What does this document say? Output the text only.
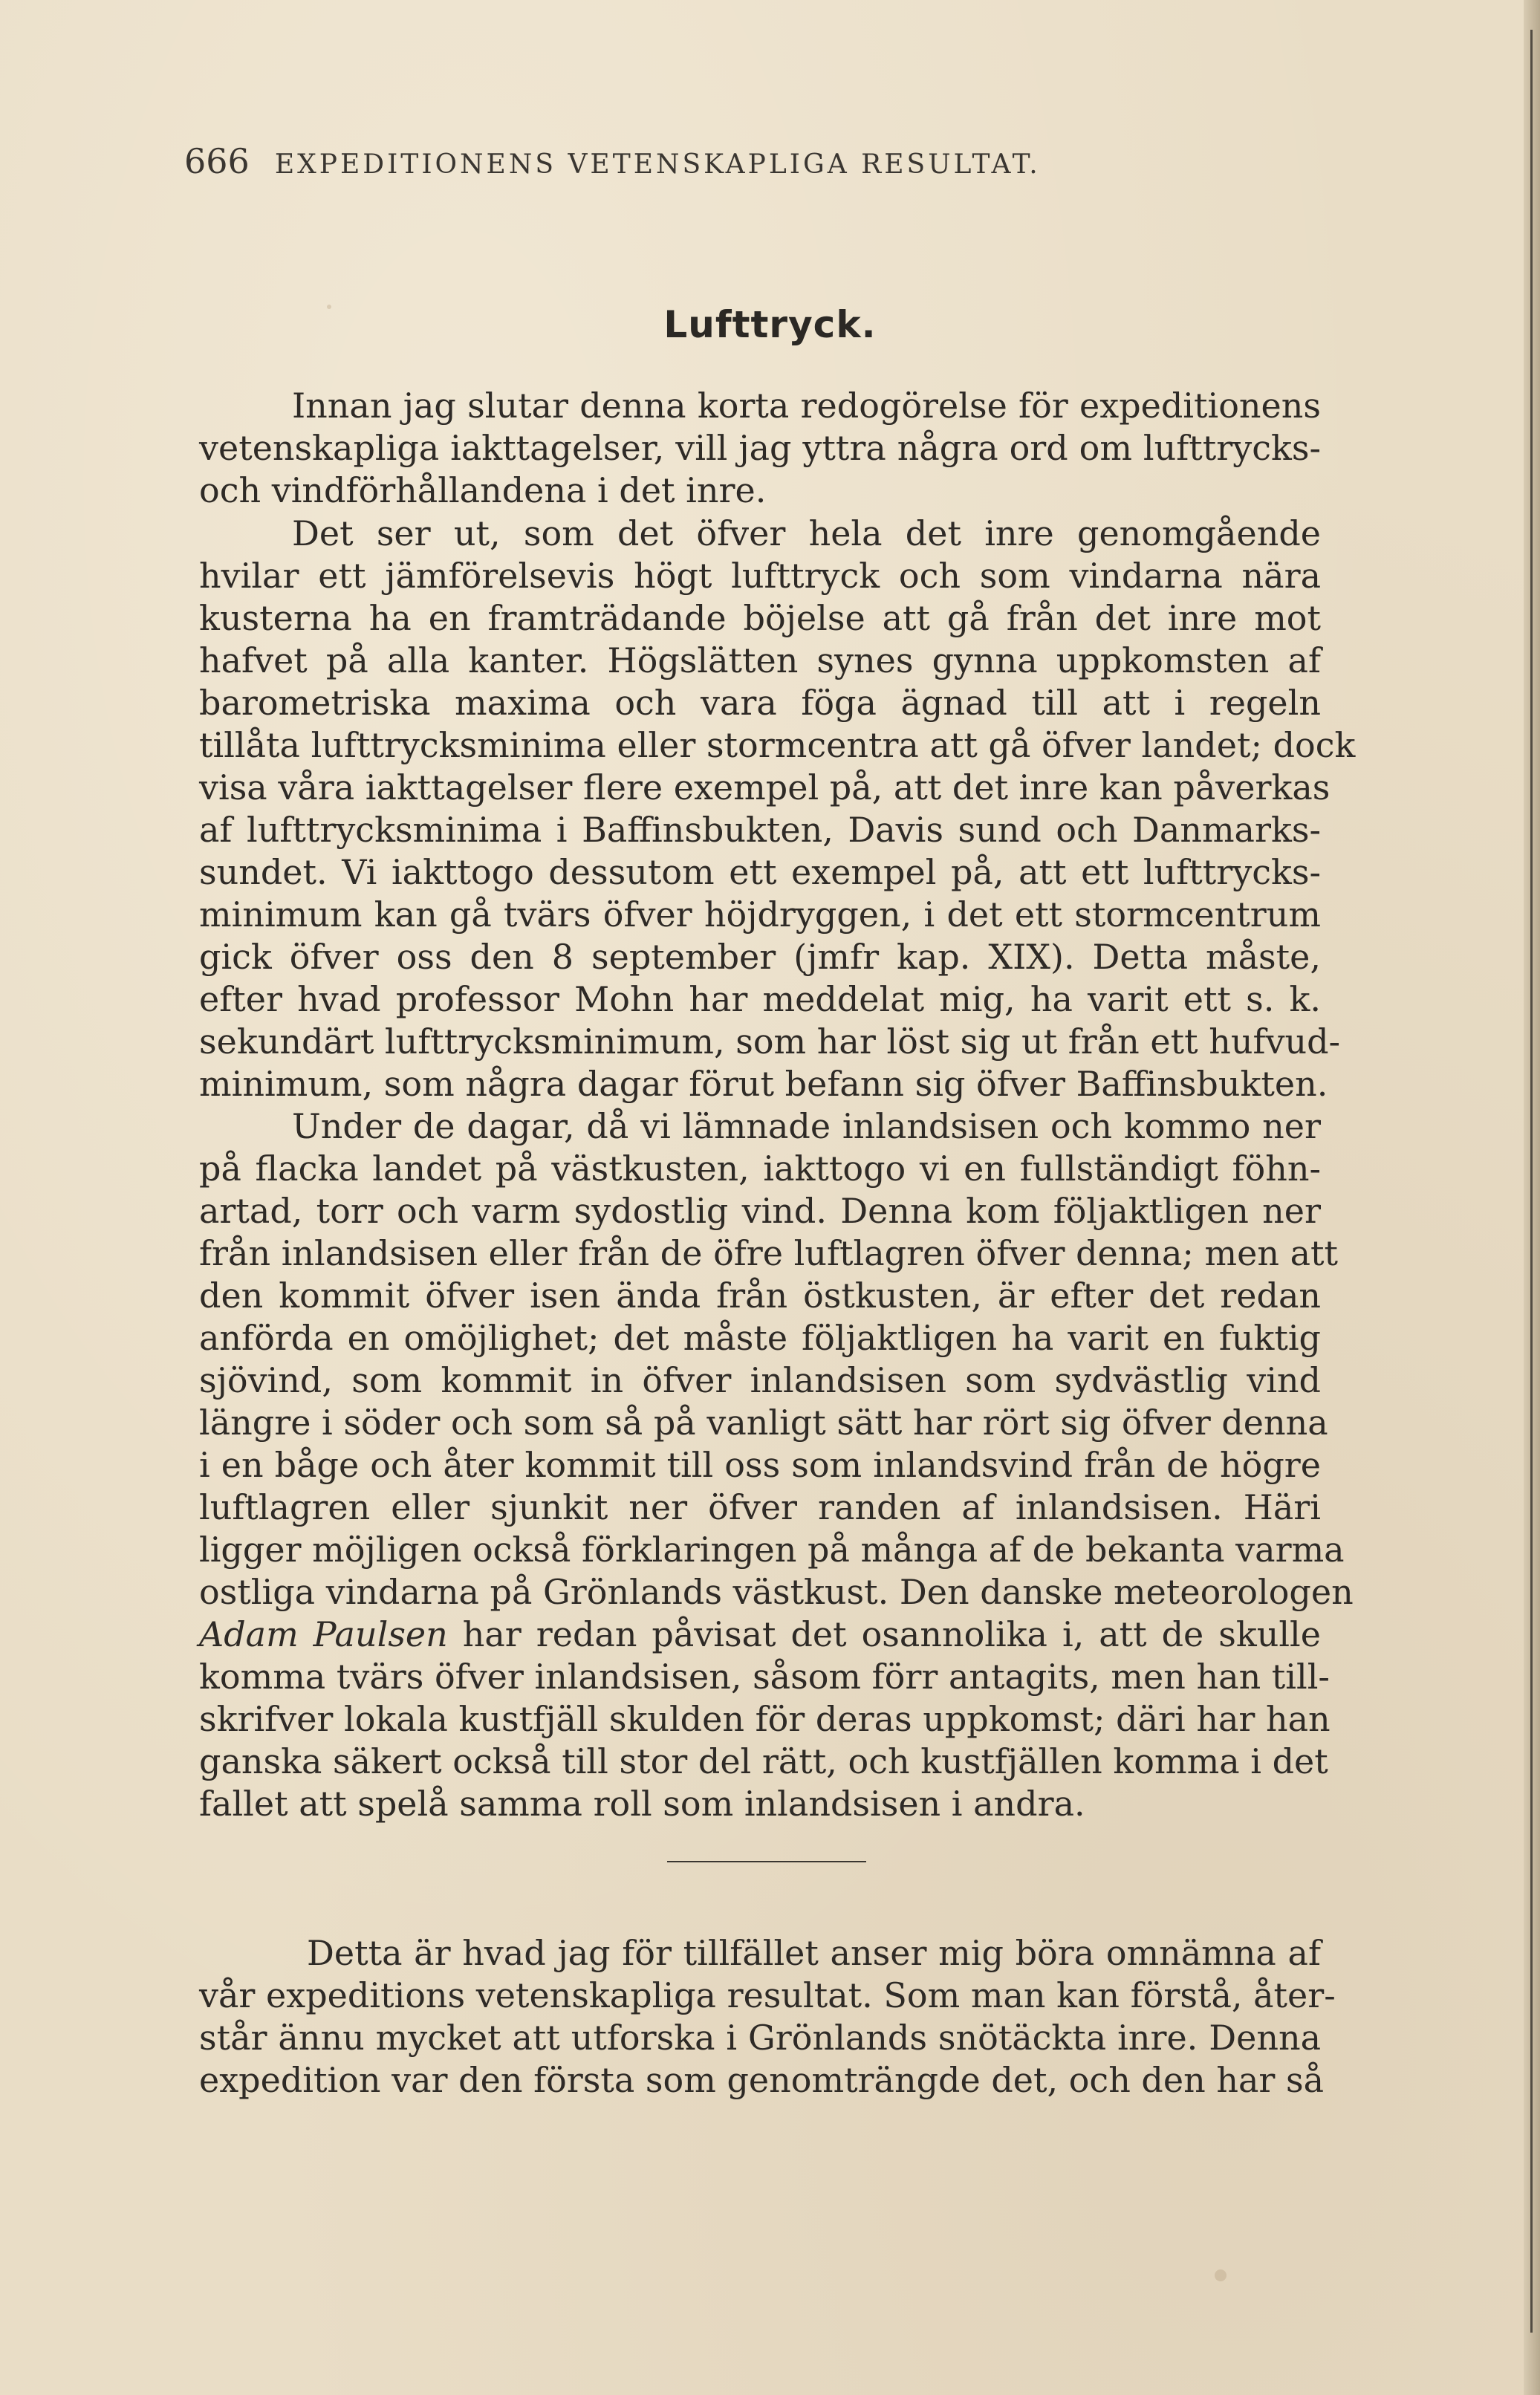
666 EXPEDITIONENS VETENSKAPLIGA RESULTAT.
Lufttryck.
Innan jag slutar denna korta redogörelse för expeditionens
vetenskapliga iakttagelser, vill jag yttra några ord om lufttrycks-
och vindförhållandena i det inre.
Det ser ut, som det öfver hela det inre genomgående
hvilar ett jämförelsevis högt lufttryck och som vindarna nära
kusterna ha en framträdande böjelse att gå från det inre mot
hafvet på alla kanter. Högslätten synes gynna uppkomsten af
barometriska maxima och vara föga ägnad till att i regeln
tillåta lufttrycksminima eller stormcentra att gå öfver landet; dock
visa våra iakttagelser flere exempel på, att det inre kan påverkas
af lufttrycksminima i Baffinsbukten, Davis sund och Danmarks-
sundet. Vi iakttogo dessutom ett exempel på, att ett lufttrycks-
minimum kan gå tvärs öfver höjdryggen, i det ett stormcentrum
gick öfver oss den 8 september (jmfr kap. XIX). Detta måste,
efter hvad professor Mohn har meddelat mig, ha varit ett s. k.
sekundärt lufttrycksminimum, som har löst sig ut från ett hufvud-
minimum, som några dagar förut befann sig öfver Baffinsbukten.
Under de dagar, då vi lämnade inlandsisen och kommo ner
på flacka landet på västkusten, iakttogo vi en fullständigt föhn-
artad, torr och varm sydostlig vind. Denna kom följaktligen ner
från inlandsisen eller från de öfre luftlagren öfver denna; men att
den kommit öfver isen ända från östkusten, är efter det redan
anförda en omöjlighet; det måste följaktligen ha varit en fuktig
sjövind, som kommit in öfver inlandsisen som sydvästlig vind
längre i söder och som så på vanligt sätt har rört sig öfver denna
i en båge och åter kommit till oss som inlandsvind från de högre
luftlagren eller sjunkit ner öfver randen af inlandsisen. Häri
ligger möjligen också förklaringen på många af de bekanta varma
ostliga vindarna på Grönlands västkust. Den danske meteorologen
Adam Paulsen har redan påvisat det osannolika i, att de skulle
komma tvärs öfver inlandsisen, såsom förr antagits, men han till-
skrifver lokala kustfjäll skulden för deras uppkomst; däri har han
ganska säkert också till stor del rätt, och kustfjällen komma i det
fallet att spelå samma roll som inlandsisen i andra.
Detta är hvad jag för tillfället anser mig böra omnämna af
vår expeditions vetenskapliga resultat. Som man kan förstå, åter-
står ännu mycket att utforska i Grönlands snötäckta inre. Denna
expedition var den första som genomträngde det, och den har så
